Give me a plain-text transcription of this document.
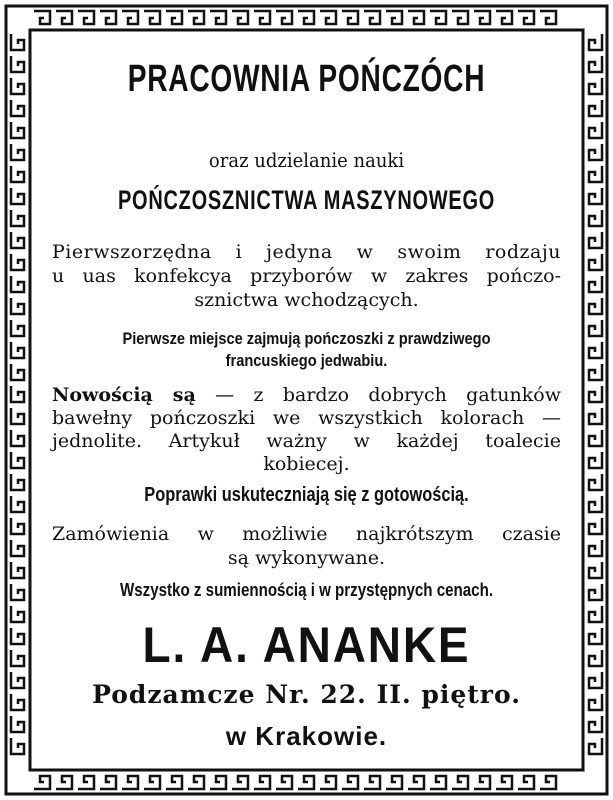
PRACOWNIA POŃCZÓCH
oraz udzielanie nauki
POŃCZOSZNICTWA MASZYNOWEGO
Pierwszorzędna i jedyna w swoim rodzaju
u uas konfekcya przyborów w zakres pończo-
sznictwa wchodzących.
Pierwsze miejsce zajmują pończoszki z prawdziwego
francuskiego jedwabiu.
Nowością są — z bardzo dobrych gatunków
bawełny pończoszki we wszystkich kolorach —
jednolite. Artykuł ważny w każdej toalecie
kobiecej.
Poprawki uskuteczniają się z gotowością.
Zamówienia w możliwie najkrótszym czasie
są wykonywane.
Wszystko z sumiennością i w przystępnych cenach.
L. A. ANANKE
Podzamcze Nr. 22. II. piętro.
w Krakowie.
